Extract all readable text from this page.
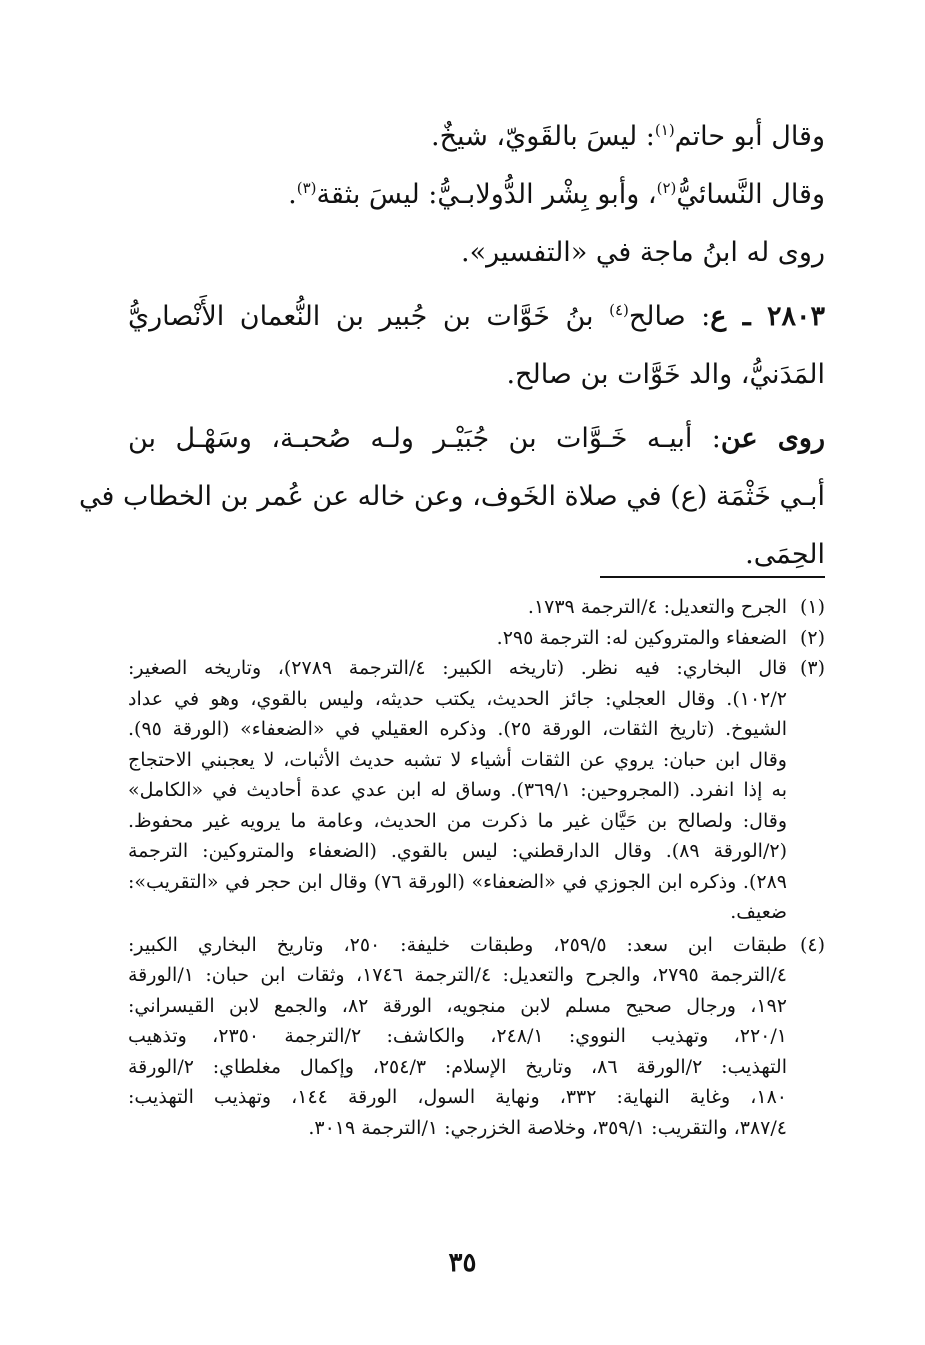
وقال أبو حاتم$^{(١)}$: ليسَ بالقَويّ، شيخٌ.
وقال النَّسائيُّ$^{(٢)}$، وأبو بِشْر الدُّولابـيُّ: ليسَ بثقة$^{(٣)}$.
روى له ابنُ ماجة في «التفسير».
٢٨٠٣ ـ ع: صالح$^{(٤)}$ بنُ خَوَّات بن جُبير بن النُّعمان الأَنْصاريُّ
المَدَنيُّ، والد خَوَّات بن صالح.
روى عن: أبيـه خَـوَّات بن جُبَيْـر ولـه صُحبـة، وسَهْـل بن
أبـي خَثْمَة (ع) في صلاة الخَوف، وعن خاله عن عُمر بن الخطاب في
الحِمَى.
(١)
الجرح والتعديل: ٤/الترجمة ١٧٣٩.
(٢)
الضعفاء والمتروكين له: الترجمة ٢٩٥.
(٣)
قال البخاري: فيه نظر. (تاريخه الكبير: ٤/الترجمة ٢٧٨٩)، وتاريخه الصغير:
١٠٢/٢). وقال العجلي: جائز الحديث، يكتب حديثه، وليس بالقوي، وهو في عداد
الشيوخ. (تاريخ الثقات، الورقة ٢٥). وذكره العقيلي في «الضعفاء» (الورقة ٩٥).
وقال ابن حبان: يروي عن الثقات أشياء لا تشبه حديث الأثبات، لا يعجبني الاحتجاج
به إذا انفرد. (المجروحين: ٣٦٩/١). وساق له ابن عدي عدة أحاديث في «الكامل»
وقال: ولصالح بن حَيَّان غير ما ذكرت من الحديث، وعامة ما يرويه غير محفوظ.
(٢/الورقة ٨٩). وقال الدارقطني: ليس بالقوي. (الضعفاء والمتروكين: الترجمة
٢٨٩). وذكره ابن الجوزي في «الضعفاء» (الورقة ٧٦) وقال ابن حجر في «التقريب»:
ضعيف.
(٤)
طبقات ابن سعد: ٢٥٩/٥، وطبقات خليفة: ٢٥٠، وتاريخ البخاري الكبير:
٤/الترجمة ٢٧٩٥، والجرح والتعديل: ٤/الترجمة ١٧٤٦، وثقات ابن حبان: ١/الورقة
١٩٢، ورجال صحيح مسلم لابن منجويه، الورقة ٨٢، والجمع لابن القيسراني:
٢٢٠/١، وتهذيب النووي: ٢٤٨/١، والكاشف: ٢/الترجمة ٢٣٥٠، وتذهيب
التهذيب: ٢/الورقة ٨٦، وتاريخ الإسلام: ٢٥٤/٣، وإكمال مغلطاي: ٢/الورقة
١٨٠، وغاية النهاية: ٣٣٢، ونهاية السول، الورقة ١٤٤، وتهذيب التهذيب:
٣٨٧/٤، والتقريب: ٣٥٩/١، وخلاصة الخزرجي: ١/الترجمة ٣٠١٩.
٣٥
